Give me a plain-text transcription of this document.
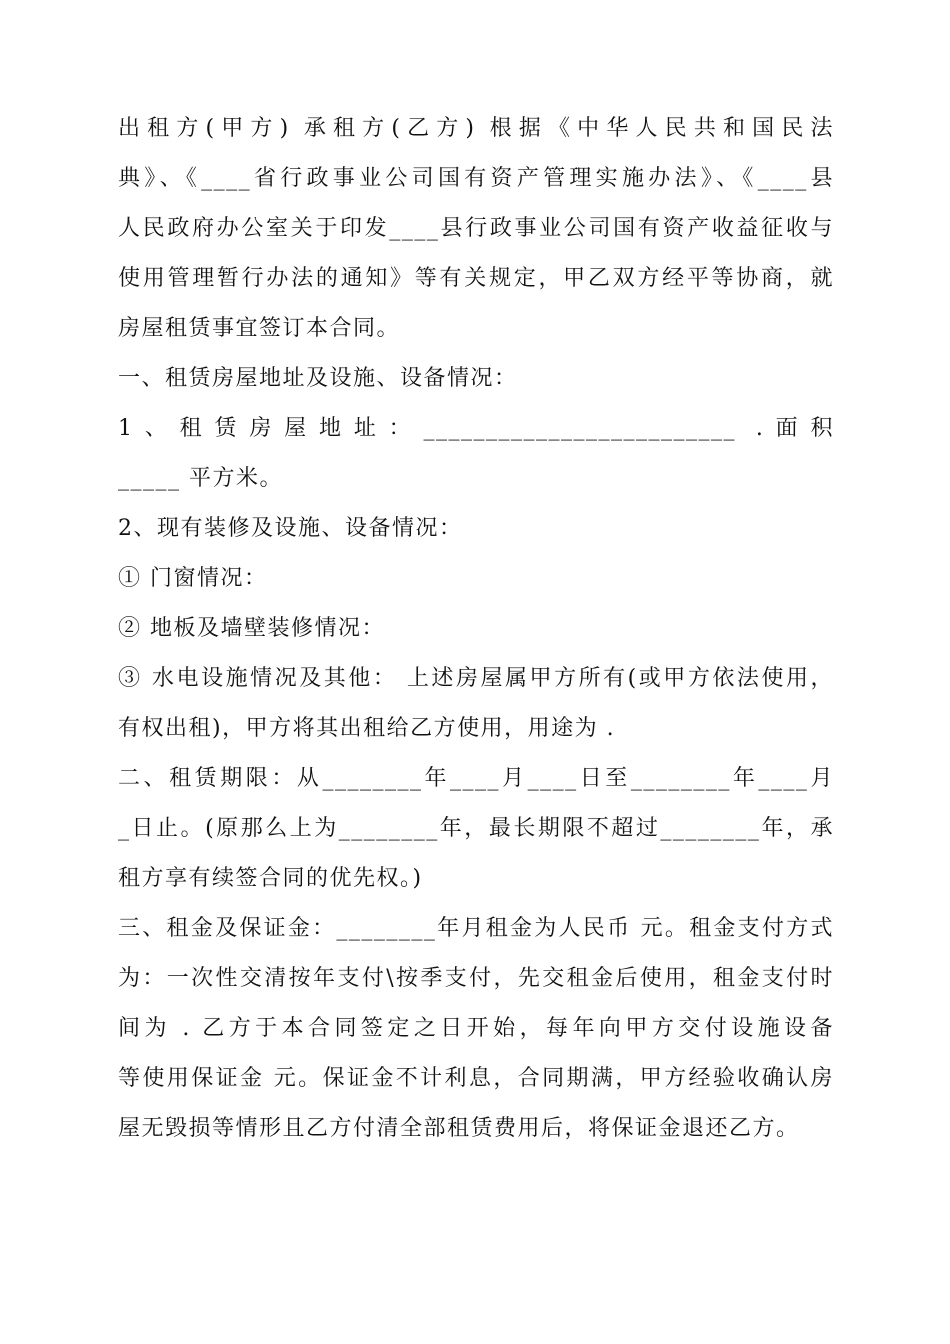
出租方(甲方) 承租方(乙方) 根据《中华人民共和国民法
典》、《____省行政事业公司国有资产管理实施办法》、《____县
人民政府办公室关于印发____县行政事业公司国有资产收益征收与
使用管理暂行办法的通知》等有关规定，甲乙双方经平等协商，就
房屋租赁事宜签订本合同。
一、租赁房屋地址及设施、设备情况：
1、租赁房屋地址：_________________________ .面积
_____ 平方米。
2、现有装修及设施、设备情况：
① 门窗情况：
② 地板及墙壁装修情况：
③ 水电设施情况及其他： 上述房屋属甲方所有(或甲方依法使用，
有权出租)，甲方将其出租给乙方使用，用途为 .
二、租赁期限：从________年____月____日至________年____月
_日止。(原那么上为________年，最长期限不超过________年，承
租方享有续签合同的优先权。)
三、租金及保证金：________年月租金为人民币 元。租金支付方式
为：一次性交清按年支付\按季支付，先交租金后使用，租金支付时
间为 . 乙方于本合同签定之日开始，每年向甲方交付设施设备
等使用保证金 元。保证金不计利息，合同期满，甲方经验收确认房
屋无毁损等情形且乙方付清全部租赁费用后，将保证金退还乙方。
